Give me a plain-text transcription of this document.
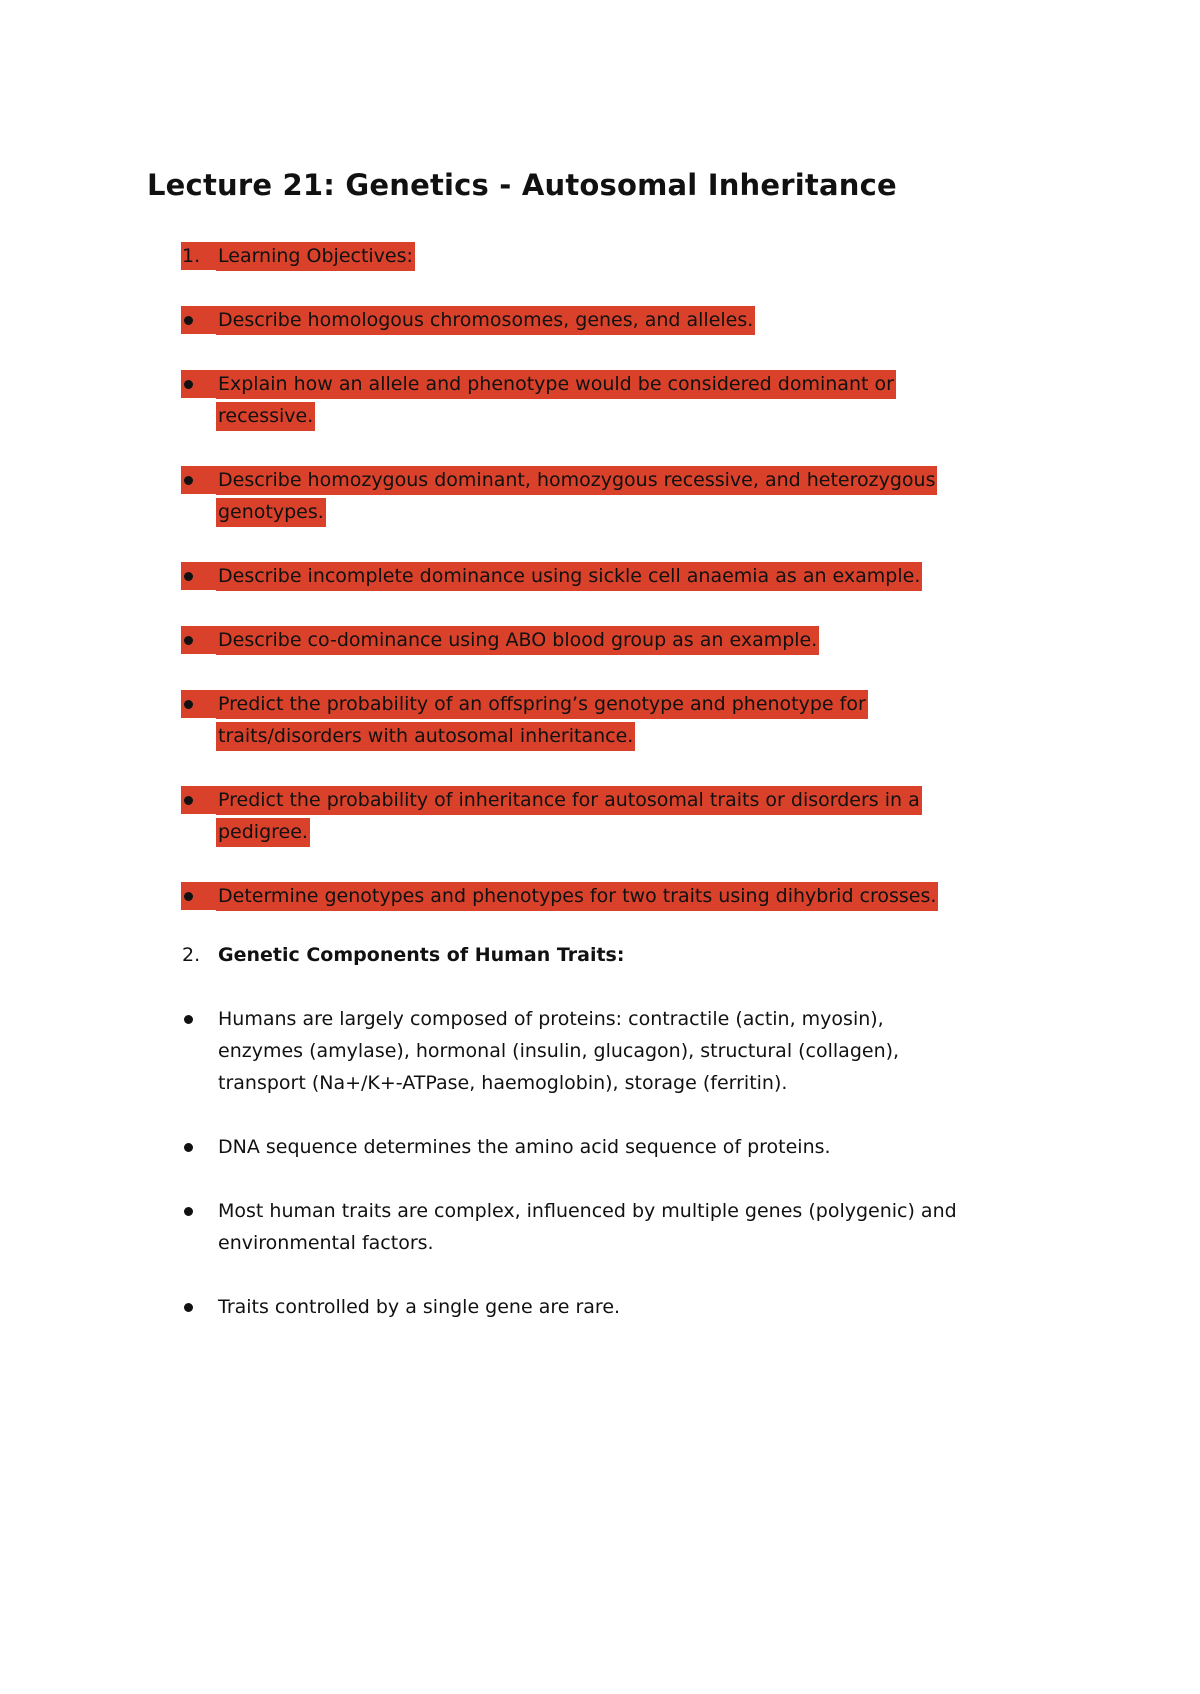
Lecture 21: Genetics - Autosomal Inheritance
1. Learning Objectives:
Describe homologous chromosomes, genes, and alleles.
Explain how an allele and phenotype would be considered dominant or
recessive.
Describe homozygous dominant, homozygous recessive, and heterozygous
genotypes.
Describe incomplete dominance using sickle cell anaemia as an example.
Describe co-dominance using ABO blood group as an example.
Predict the probability of an offspring’s genotype and phenotype for
traits/disorders with autosomal inheritance.
Predict the probability of inheritance for autosomal traits or disorders in a
pedigree.
Determine genotypes and phenotypes for two traits using dihybrid crosses.
2. Genetic Components of Human Traits:
Humans are largely composed of proteins: contractile (actin, myosin),
enzymes (amylase), hormonal (insulin, glucagon), structural (collagen),
transport (Na+/K+-ATPase, haemoglobin), storage (ferritin).
DNA sequence determines the amino acid sequence of proteins.
Most human traits are complex, influenced by multiple genes (polygenic) and
environmental factors.
Traits controlled by a single gene are rare.
